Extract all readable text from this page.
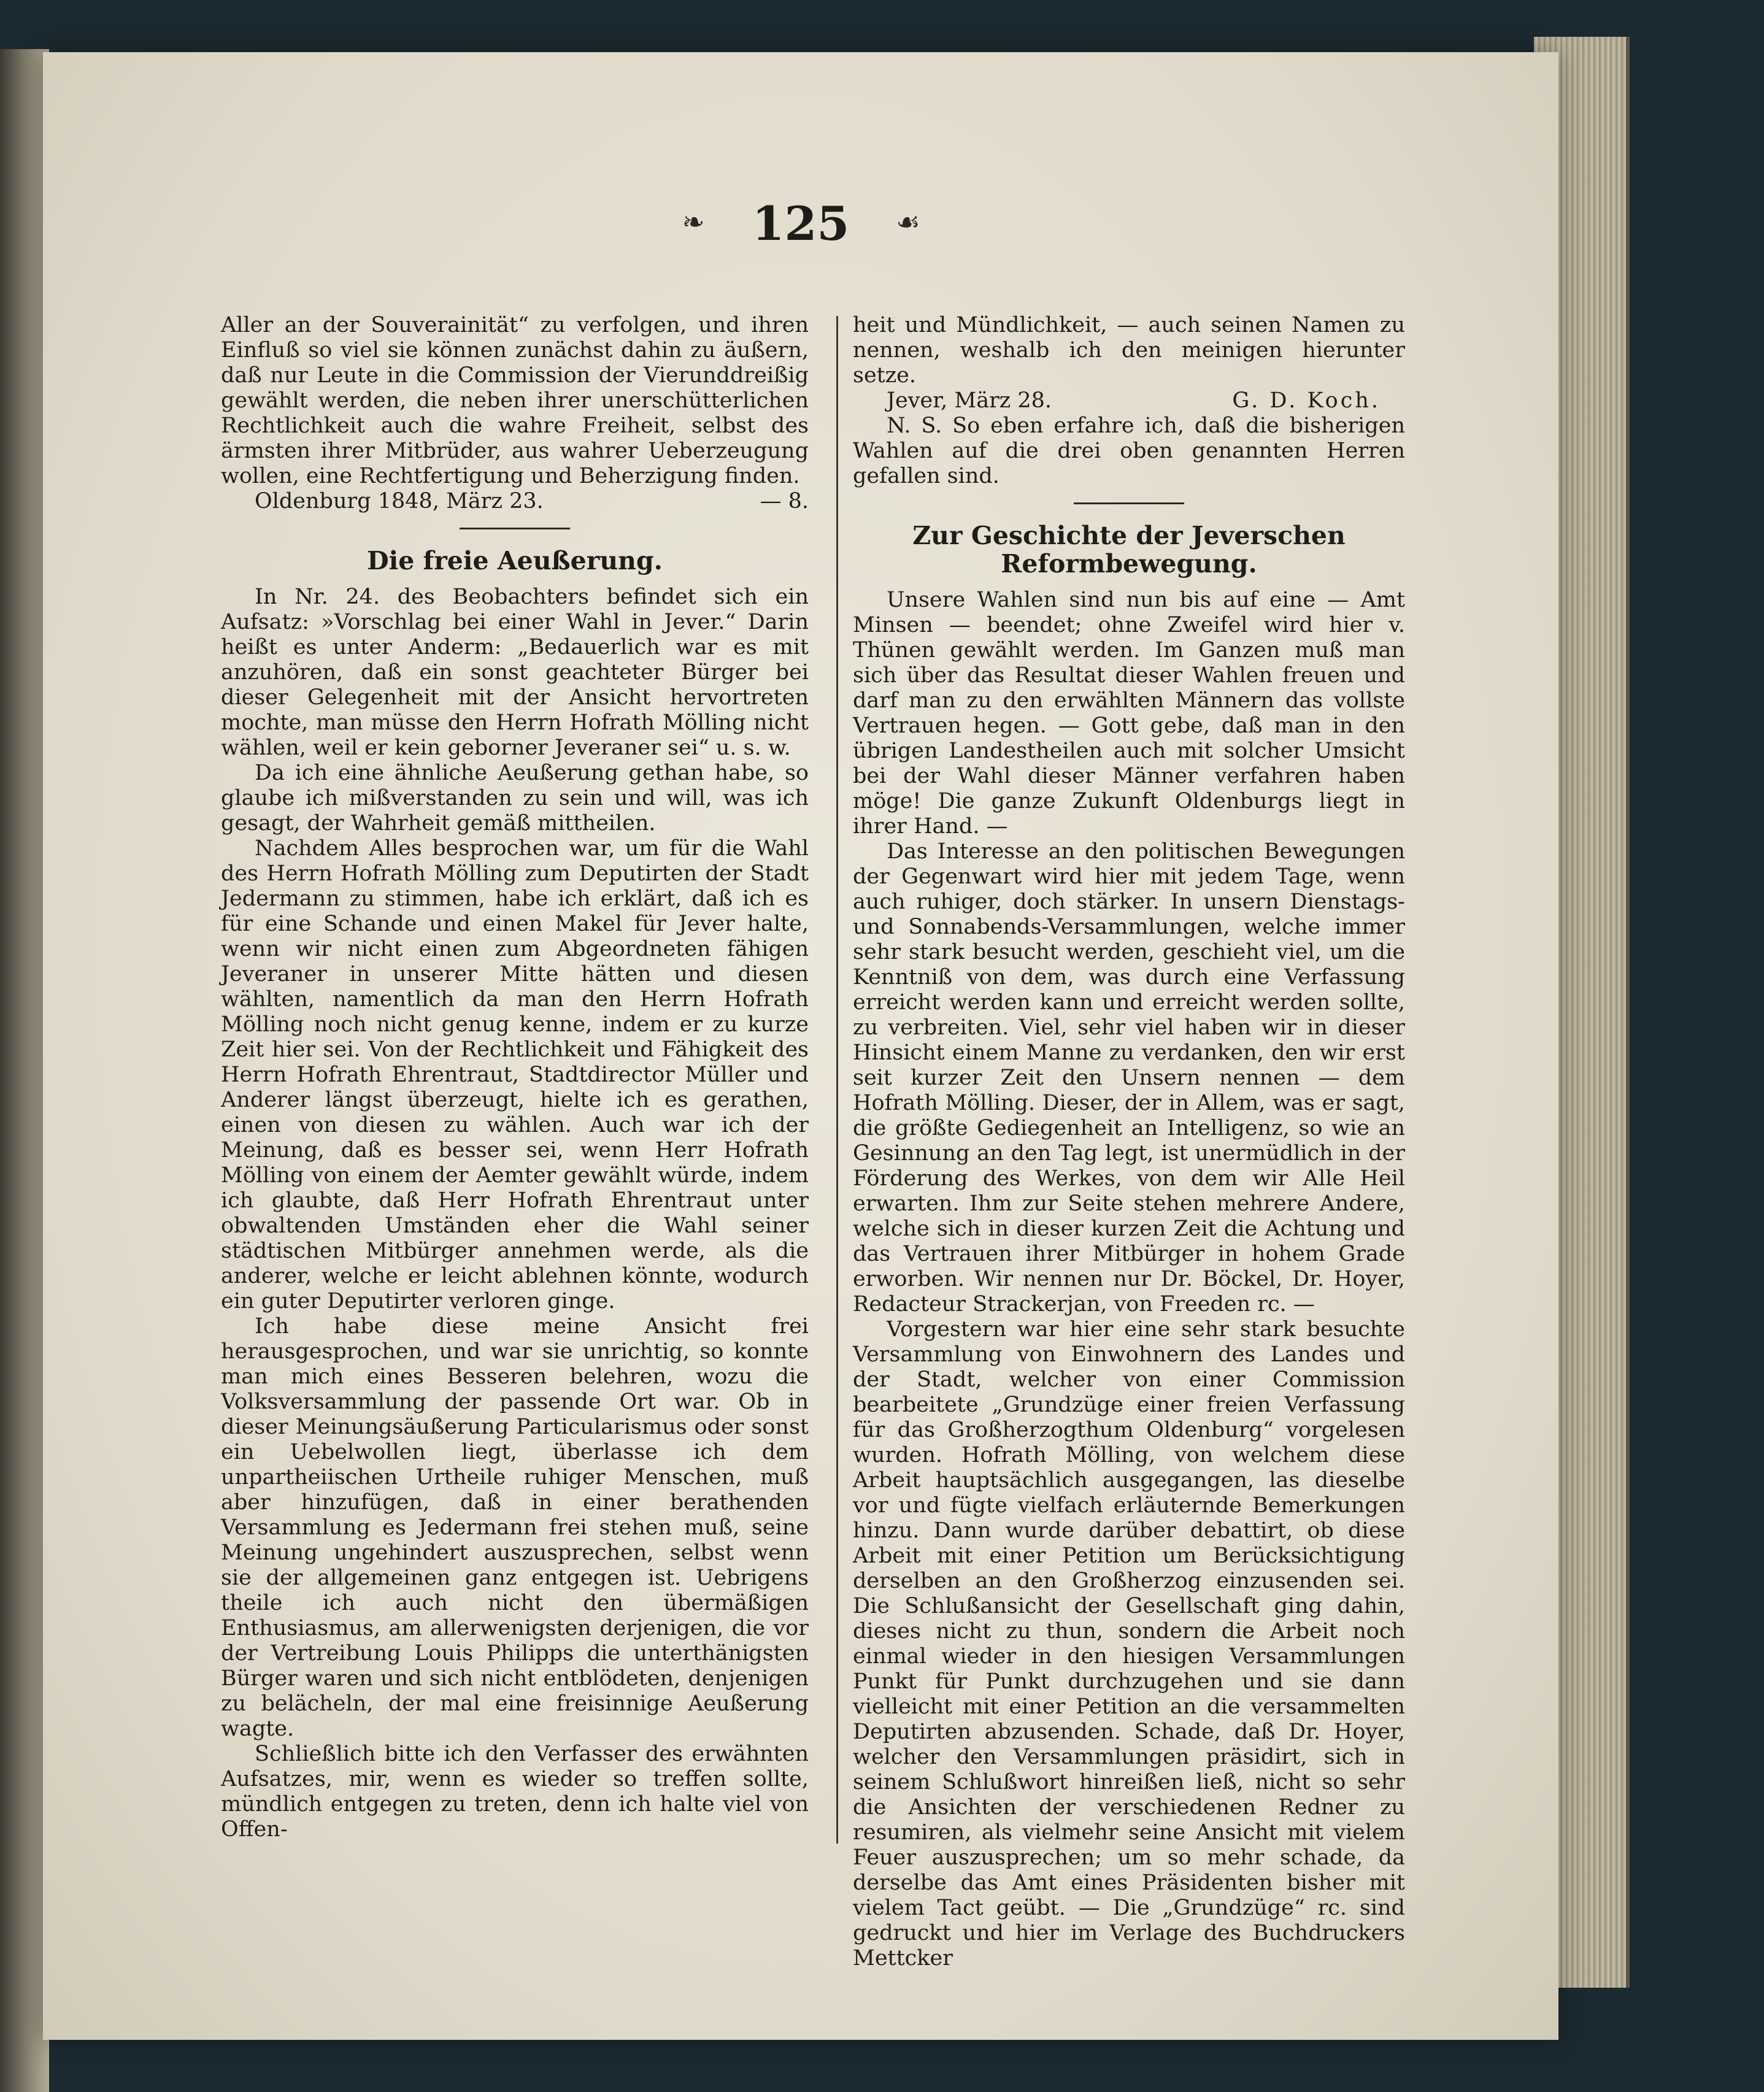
❧	125	☙

Aller an der Souverainität“ zu verfolgen, und ihren Einfluß so viel sie können zunächst dahin zu äußern, daß nur Leute in die Commission der Vierunddreißig gewählt werden, die neben ihrer unerschütterlichen Rechtlichkeit auch die wahre Freiheit, selbst des ärmsten ihrer Mitbrüder, aus wahrer Ueberzeugung wollen, eine Rechtfertigung und Beherzigung finden.

Oldenburg 1848, März 23.	— 8.
Die freie Aeußerung.

In Nr. 24. des Beobachters befindet sich ein Aufsatz: »Vorschlag bei einer Wahl in Jever.“ Darin heißt es unter Anderm: „Bedauerlich war es mit anzuhören, daß ein sonst geachteter Bürger bei dieser Gelegenheit mit der Ansicht hervortreten mochte, man müsse den Herrn Hofrath Mölling nicht wählen, weil er kein geborner Jeveraner sei“ u. s. w.

Da ich eine ähnliche Aeußerung gethan habe, so glaube ich mißverstanden zu sein und will, was ich gesagt, der Wahrheit gemäß mittheilen.

Nachdem Alles besprochen war, um für die Wahl des Herrn Hofrath Mölling zum Deputirten der Stadt Jedermann zu stimmen, habe ich erklärt, daß ich es für eine Schande und einen Makel für Jever halte, wenn wir nicht einen zum Abgeordneten fähigen Jeveraner in unserer Mitte hätten und diesen wählten, namentlich da man den Herrn Hofrath Mölling noch nicht genug kenne, indem er zu kurze Zeit hier sei. Von der Rechtlichkeit und Fähigkeit des Herrn Hofrath Ehrentraut, Stadtdirector Müller und Anderer längst überzeugt, hielte ich es gerathen, einen von diesen zu wählen. Auch war ich der Meinung, daß es besser sei, wenn Herr Hofrath Mölling von einem der Aemter gewählt würde, indem ich glaubte, daß Herr Hofrath Ehrentraut unter obwaltenden Umständen eher die Wahl seiner städtischen Mitbürger annehmen werde, als die anderer, welche er leicht ablehnen könnte, wodurch ein guter Deputirter verloren ginge.

Ich habe diese meine Ansicht frei herausgesprochen, und war sie unrichtig, so konnte man mich eines Besseren belehren, wozu die Volksversammlung der passende Ort war. Ob in dieser Meinungsäußerung Particularismus oder sonst ein Uebelwollen liegt, überlasse ich dem unpartheiischen Urtheile ruhiger Menschen, muß aber hinzufügen, daß in einer berathenden Versammlung es Jedermann frei stehen muß, seine Meinung ungehindert auszusprechen, selbst wenn sie der allgemeinen ganz entgegen ist. Uebrigens theile ich auch nicht den übermäßigen Enthusiasmus, am allerwenigsten derjenigen, die vor der Vertreibung Louis Philipps die unterthänigsten Bürger waren und sich nicht entblödeten, denjenigen zu belächeln, der mal eine freisinnige Aeußerung wagte.

Schließlich bitte ich den Verfasser des erwähnten Aufsatzes, mir, wenn es wieder so treffen sollte, mündlich entgegen zu treten, denn ich halte viel von Offen-

heit und Mündlichkeit, — auch seinen Namen zu nennen, weshalb ich den meinigen hierunter setze.

Jever, März 28.	G. D. Koch.

N. S. So eben erfahre ich, daß die bisherigen Wahlen auf die drei oben genannten Herren gefallen sind.

Zur Geschichte der Jeverschen Reformbewegung.

Unsere Wahlen sind nun bis auf eine — Amt Minsen — beendet; ohne Zweifel wird hier v. Thünen gewählt werden. Im Ganzen muß man sich über das Resultat dieser Wahlen freuen und darf man zu den erwählten Männern das vollste Vertrauen hegen. — Gott gebe, daß man in den übrigen Landestheilen auch mit solcher Umsicht bei der Wahl dieser Männer verfahren haben möge! Die ganze Zukunft Oldenburgs liegt in ihrer Hand. —

Das Interesse an den politischen Bewegungen der Gegenwart wird hier mit jedem Tage, wenn auch ruhiger, doch stärker. In unsern Dienstags- und Sonnabends-Versammlungen, welche immer sehr stark besucht werden, geschieht viel, um die Kenntniß von dem, was durch eine Verfassung erreicht werden kann und erreicht werden sollte, zu verbreiten. Viel, sehr viel haben wir in dieser Hinsicht einem Manne zu verdanken, den wir erst seit kurzer Zeit den Unsern nennen — dem Hofrath Mölling. Dieser, der in Allem, was er sagt, die größte Gediegenheit an Intelligenz, so wie an Gesinnung an den Tag legt, ist unermüdlich in der Förderung des Werkes, von dem wir Alle Heil erwarten. Ihm zur Seite stehen mehrere Andere, welche sich in dieser kurzen Zeit die Achtung und das Vertrauen ihrer Mitbürger in hohem Grade erworben. Wir nennen nur Dr. Böckel, Dr. Hoyer, Redacteur Strackerjan, von Freeden rc. —

Vorgestern war hier eine sehr stark besuchte Versammlung von Einwohnern des Landes und der Stadt, welcher von einer Commission bearbeitete „Grundzüge einer freien Verfassung für das Großherzogthum Oldenburg“ vorgelesen wurden. Hofrath Mölling, von welchem diese Arbeit hauptsächlich ausgegangen, las dieselbe vor und fügte vielfach erläuternde Bemerkungen hinzu. Dann wurde darüber debattirt, ob diese Arbeit mit einer Petition um Berücksichtigung derselben an den Großherzog einzusenden sei. Die Schlußansicht der Gesellschaft ging dahin, dieses nicht zu thun, sondern die Arbeit noch einmal wieder in den hiesigen Versammlungen Punkt für Punkt durchzugehen und sie dann vielleicht mit einer Petition an die versammelten Deputirten abzusenden. Schade, daß Dr. Hoyer, welcher den Versammlungen präsidirt, sich in seinem Schlußwort hinreißen ließ, nicht so sehr die Ansichten der verschiedenen Redner zu resumiren, als vielmehr seine Ansicht mit vielem Feuer auszusprechen; um so mehr schade, da derselbe das Amt eines Präsidenten bisher mit vielem Tact geübt. — Die „Grundzüge“ rc. sind gedruckt und hier im Verlage des Buchdruckers Mettcker
